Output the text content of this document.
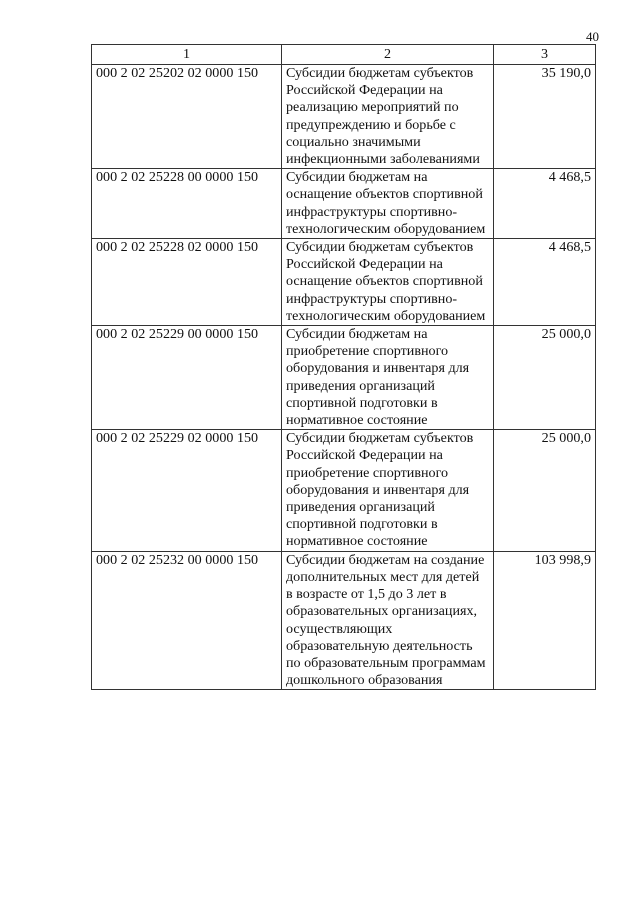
40
1	2	3
000 2 02 25202 02 0000 150	Субсидии бюджетам субъектов Российской Федерации на реализацию мероприятий по предупреждению и борьбе с социально значимыми инфекционными заболеваниями	35 190,0
000 2 02 25228 00 0000 150	Субсидии бюджетам на оснащение объектов спортивной инфраструктуры спортивно-технологическим оборудованием	4 468,5
000 2 02 25228 02 0000 150	Субсидии бюджетам субъектов Российской Федерации на оснащение объектов спортивной инфраструктуры спортивно-технологическим оборудованием	4 468,5
000 2 02 25229 00 0000 150	Субсидии бюджетам на приобретение спортивного оборудования и инвентаря для приведения организаций спортивной подготовки в нормативное состояние	25 000,0
000 2 02 25229 02 0000 150	Субсидии бюджетам субъектов Российской Федерации на приобретение спортивного оборудования и инвентаря для приведения организаций спортивной подготовки в нормативное состояние	25 000,0
000 2 02 25232 00 0000 150	Субсидии бюджетам на создание дополнительных мест для детей в возрасте от 1,5 до 3 лет в образовательных организациях, осуществляющих образовательную деятельность по образовательным программам дошкольного образования	103 998,9
